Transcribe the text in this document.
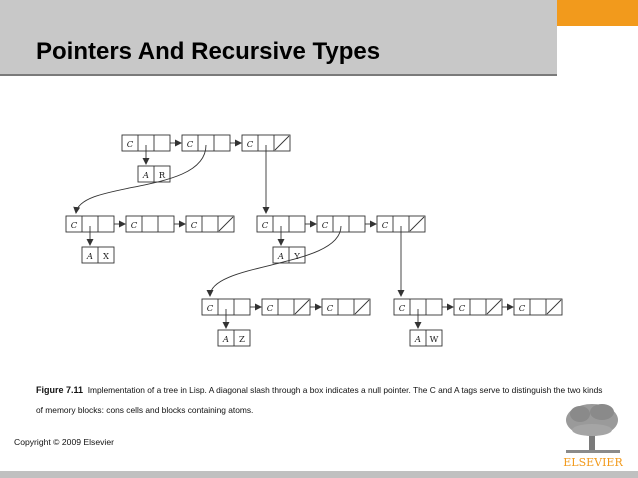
Pointers And Recursive Types
C	C	C
A R
C	C	C
A X
C	C	C
A Y
C	C	C
A Z
C	C	C
A W
Figure 7.11 Implementation of a tree in Lisp. A diagonal slash through a box indicates a null pointer. The C and A tags serve to distinguish the two kinds of memory blocks: cons cells and blocks containing atoms.
Copyright © 2009 Elsevier
ELSEVIER
